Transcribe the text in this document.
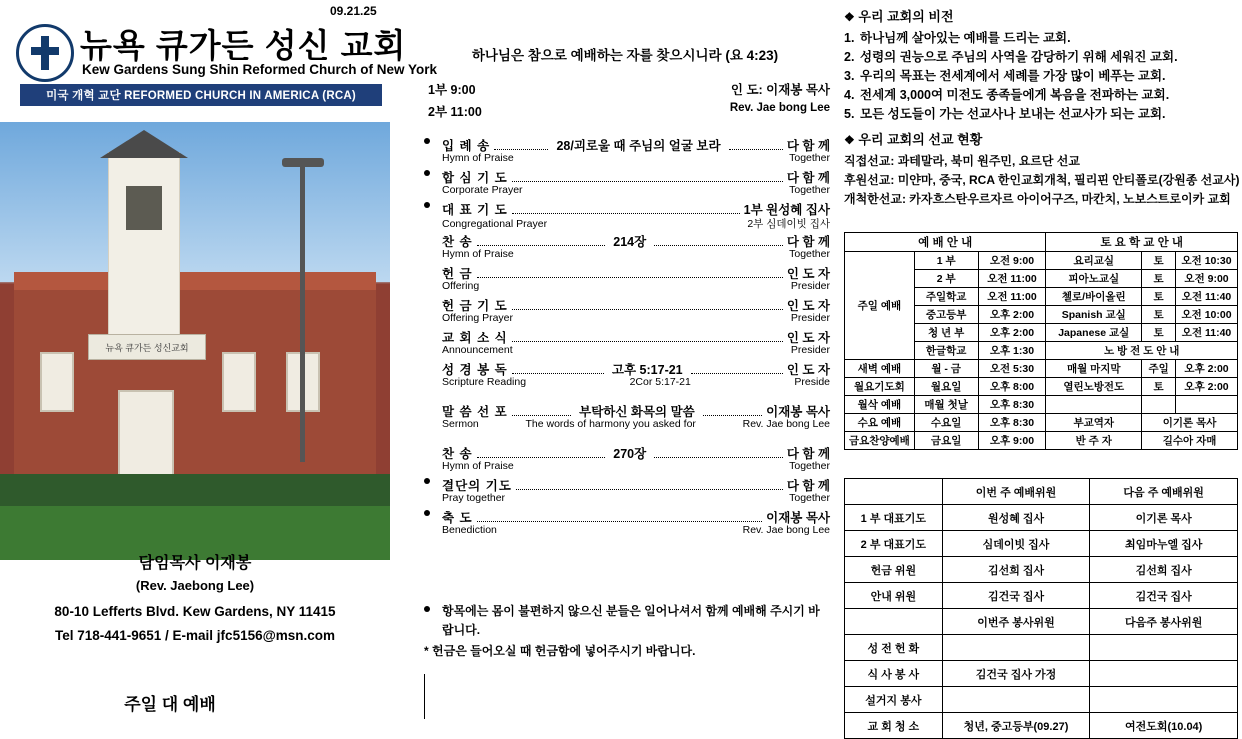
09.21.25
뉴욕 큐가든 성신 교회
Kew Gardens Sung Shin Reformed Church of New York
미국 개혁 교단 REFORMED CHURCH IN AMERICA (RCA)
뉴욕 큐가든 성신교회
담임목사 이재봉
(Rev. Jaebong Lee)
80-10 Lefferts Blvd. Kew Gardens, NY 11415
Tel 718-441-9651 / E-mail jfc5156@msn.com
주일 대 예배
하나님은 참으로 예배하는 자를 찾으시니라 (요 4:23)
1부 9:00
2부 11:00
인 도: 이재봉 목사
Rev. Jae bong Lee
입 례 송	28/괴로울 때 주님의 얼굴 보라	다 함 께
Hymn of Praise	Together
합 심 기 도	다 함 께
Corporate Prayer	Together
대 표 기 도	1부 원성혜 집사
Congregational Prayer	2부 심데이빗 집사
찬 송	214장	다 함 께
Hymn of Praise	Together
헌 금	인 도 자
Offering	Presider
헌 금 기 도	인 도 자
Offering Prayer	Presider
교 회 소 식	인 도 자
Announcement	Presider
성 경 봉 독	고후 5:17-21	인 도 자
Scripture Reading	2Cor 5:17-21	Preside
말 씀 선 포	부탁하신 화목의 말씀	이재봉 목사
Sermon	The words of harmony you asked for	Rev. Jae bong Lee
찬 송	270장	다 함 께
Hymn of Praise	Together
결단의 기도	다 함 께
Pray together	Together
축 도	이재봉 목사
Benediction	Rev. Jae bong Lee
항목에는 몸이 불편하지 않으신 분들은 일어나셔서 함께 예배해 주시기 바랍니다.
* 헌금은 들어오실 때 헌금함에 넣어주시기 바랍니다.
❖ 우리 교회의 비전
1. 하나님께 살아있는 예배를 드리는 교회.
2. 성령의 권능으로 주님의 사역을 감당하기 위해 세워진 교회.
3. 우리의 목표는 전세계에서 세례를 가장 많이 베푸는 교회.
4. 전세계 3,000여 미전도 종족들에게 복음을 전파하는 교회.
5. 모든 성도들이 가는 선교사나 보내는 선교사가 되는 교회.
❖ 우리 교회의 선교 현황
직접선교: 과테말라, 북미 원주민, 요르단 선교
후원선교: 미얀마, 중국, RCA 한인교회개척, 필리핀 안티폴로(강원종 선교사)
개척한선교: 카자흐스탄우르자르 아이어구즈, 마칸치, 노보스트로이카 교회
예 배 안 내			토 요 학 교 안 내		
주일 예배	1 부	오전 9:00	요리교실	토	오전 10:30
	2 부	오전 11:00	피아노교실	토	오전 9:00
	주일학교	오전 11:00	첼로/바이올린	토	오전 11:40
	중고등부	오후 2:00	Spanish 교실	토	오전 10:00
	청 년 부	오후 2:00	Japanese 교실	토	오전 11:40
	한글학교	오후 1:30	노 방 전 도 안 내		
새벽 예배	월 - 금	오전 5:30	매월 마지막	주일	오후 2:00
월요기도회	월요일	오후 8:00	열린노방전도	토	오후 2:00
월삭 예배	매월 첫날	오후 8:30			
수요 예배	수요일	오후 8:30	부교역자	이기론 목사	
금요찬양예배	금요일	오후 9:00	반 주 자	길수아 자매	
	이번 주 예배위원	다음 주 예배위원
1 부 대표기도	원성혜 집사	이기론 목사
2 부 대표기도	심데이빗 집사	최임마누엘 집사
헌금 위원	김선희 집사	김선희 집사
안내 위원	김건국 집사	김건국 집사
	이번주 봉사위원	다음주 봉사위원
성 전 헌 화		
식 사 봉 사	김건국 집사 가정	
설거지 봉사		
교 회 청 소	청년, 중고등부(09.27)	여전도회(10.04)
